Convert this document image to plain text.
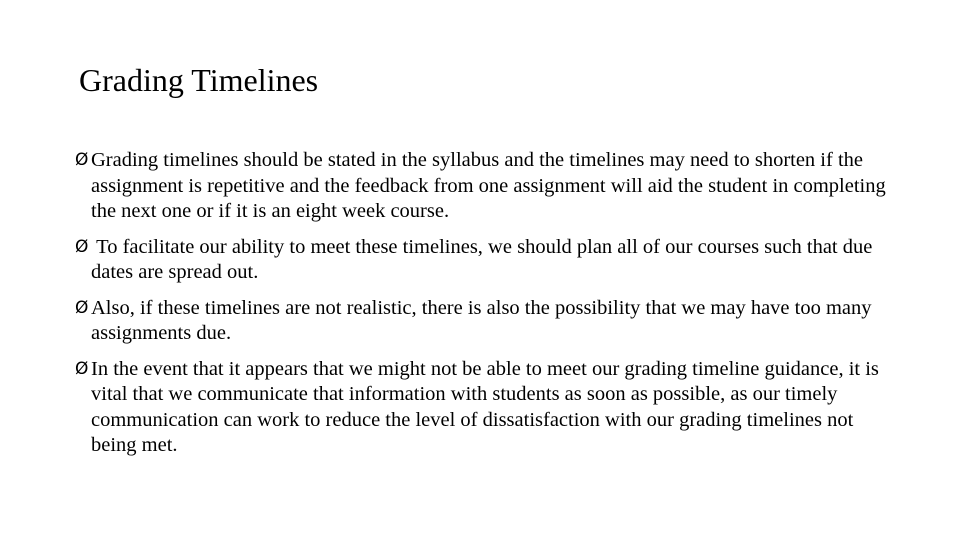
Grading Timelines
Ø Grading timelines should be stated in the syllabus and the timelines may need to shorten if the assignment is repetitive and the feedback from one assignment will aid the student in completing the next one or if it is an eight week course.
Ø To facilitate our ability to meet these timelines, we should plan all of our courses such that due dates are spread out.
Ø Also, if these timelines are not realistic, there is also the possibility that we may have too many assignments due.
Ø In the event that it appears that we might not be able to meet our grading timeline guidance, it is vital that we communicate that information with students as soon as possible, as our timely communication can work to reduce the level of dissatisfaction with our grading timelines not being met.
